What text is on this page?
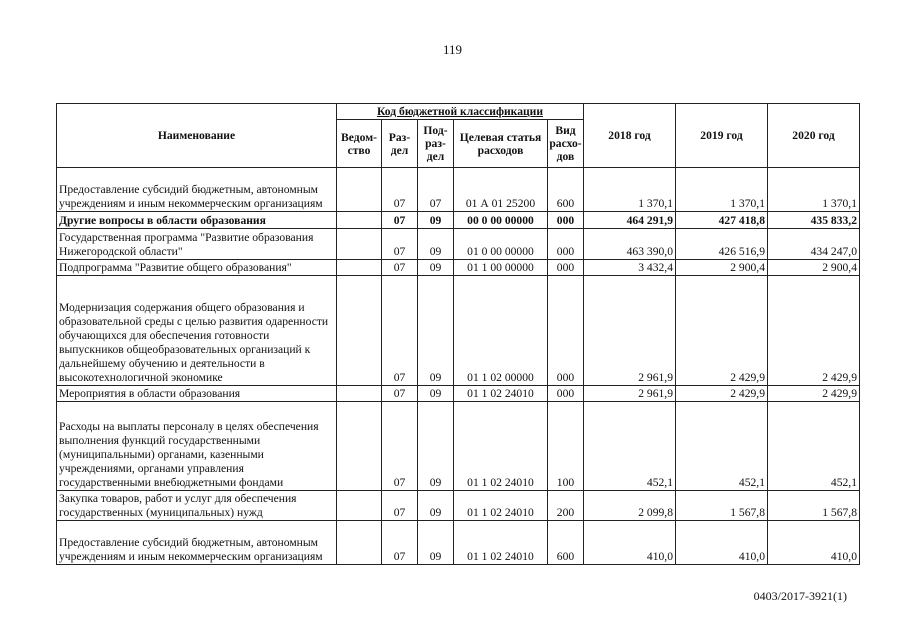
119
Наименование	Код бюджетной классификации					2018 год	2019 год	2020 год
	Ведом-ство	Раз-дел	Под-раз-дел	Целевая статья расходов	Вид расхо-дов			
Предоставление субсидий бюджетным, автономным учреждениям и иным некоммерческим организациям		07	07	01 А 01 25200	600	1 370,1	1 370,1	1 370,1
Другие вопросы в области образования		07	09	00 0 00 00000	000	464 291,9	427 418,8	435 833,2
Государственная программа "Развитие образования Нижегородской области"		07	09	01 0 00 00000	000	463 390,0	426 516,9	434 247,0
Подпрограмма "Развитие общего образования"		07	09	01 1 00 00000	000	3 432,4	2 900,4	2 900,4
Модернизация содержания общего образования и образовательной среды с целью развития одаренности обучающихся для обеспечения готовности выпускников общеобразовательных организаций к дальнейшему обучению и деятельности в высокотехнологичной экономике		07	09	01 1 02 00000	000	2 961,9	2 429,9	2 429,9
Мероприятия в области образования		07	09	01 1 02 24010	000	2 961,9	2 429,9	2 429,9
Расходы на выплаты персоналу в целях обеспечения выполнения функций государственными (муниципальными) органами, казенными учреждениями, органами управления государственными внебюджетными фондами		07	09	01 1 02 24010	100	452,1	452,1	452,1
Закупка товаров, работ и услуг для обеспечения государственных (муниципальных) нужд		07	09	01 1 02 24010	200	2 099,8	1 567,8	1 567,8
Предоставление субсидий бюджетным, автономным учреждениям и иным некоммерческим организациям		07	09	01 1 02 24010	600	410,0	410,0	410,0
0403/2017-3921(1)
